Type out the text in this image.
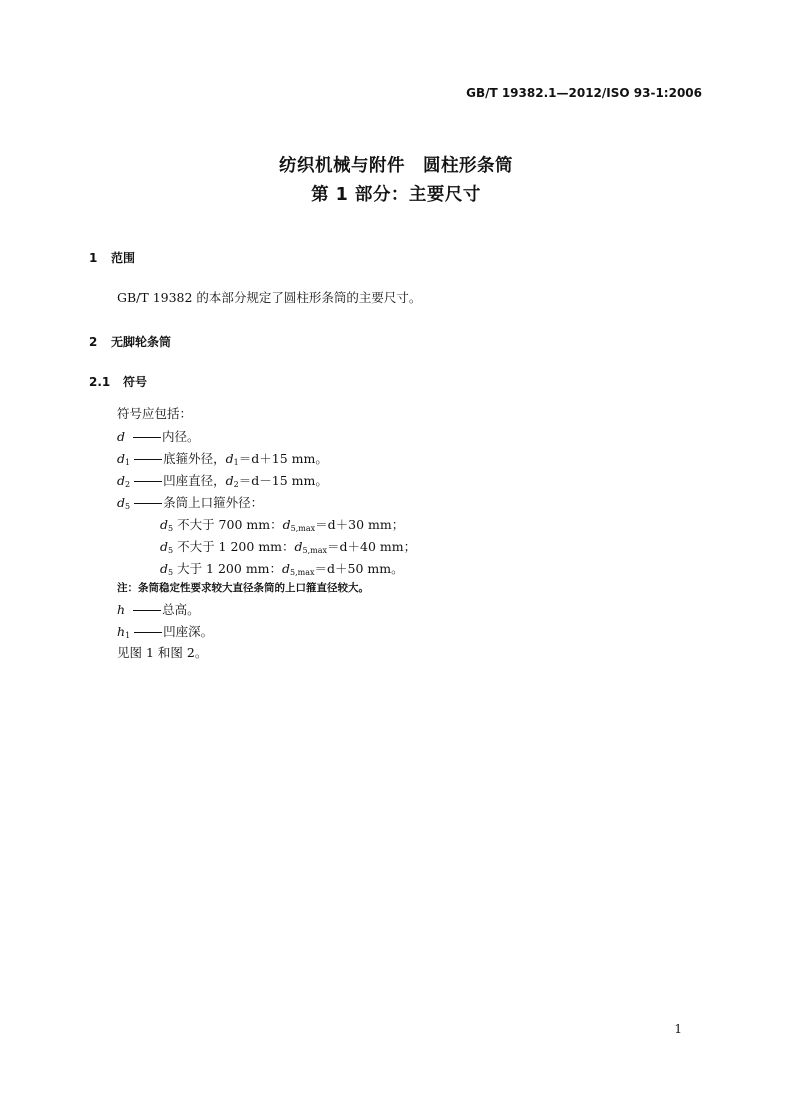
GB/T 19382.1—2012/ISO 93-1:2006
纺织机械与附件　圆柱形条筒
第 1 部分：主要尺寸
1 范围
GB/T 19382 的本部分规定了圆柱形条筒的主要尺寸。
2 无脚轮条筒
2.1 符号
符号应包括：
d	内径。
$d_1$	底箍外径，$d_1=d+15$ mm。
$d_2$	凹座直径，$d_2=d-15$ mm。
$d_5$	条筒上口箍外径：
$d_5$ 不大于 700 mm：$d_{5,max}=d+30$ mm；
$d_5$ 不大于 1 200 mm：$d_{5,max}=d+40$ mm；
$d_5$ 大于 1 200 mm：$d_{5,max}=d+50$ mm。
注：条筒稳定性要求较大直径条筒的上口箍直径较大。
h	总高。
$h_1$	凹座深。
见图 1 和图 2。
1
